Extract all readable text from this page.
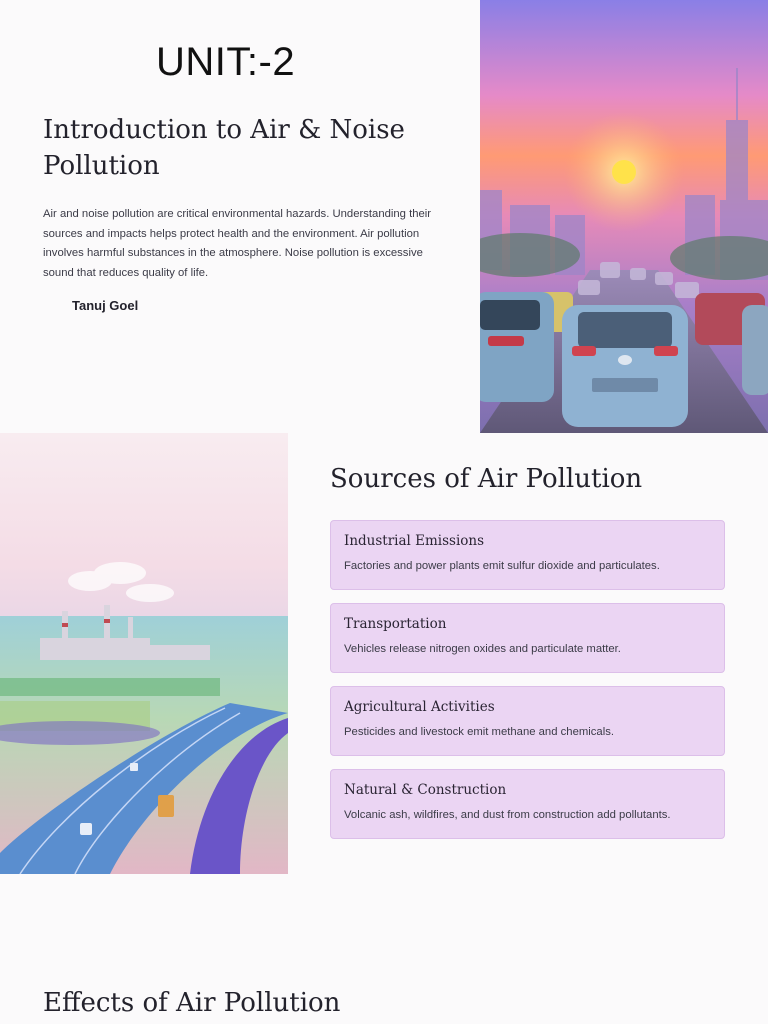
UNIT:-2
Introduction to Air & Noise Pollution

Air and noise pollution are critical environmental hazards. Understanding their sources and impacts helps protect health and the environment. Air pollution involves harmful substances in the atmosphere. Noise pollution is excessive sound that reduces quality of life.

Tanuj Goel
Sources of Air Pollution
Industrial Emissions

Factories and power plants emit sulfur dioxide and particulates.

Transportation

Vehicles release nitrogen oxides and particulate matter.

Agricultural Activities

Pesticides and livestock emit methane and chemicals.

Natural & Construction

Volcanic ash, wildfires, and dust from construction add pollutants.

Effects of Air Pollution
